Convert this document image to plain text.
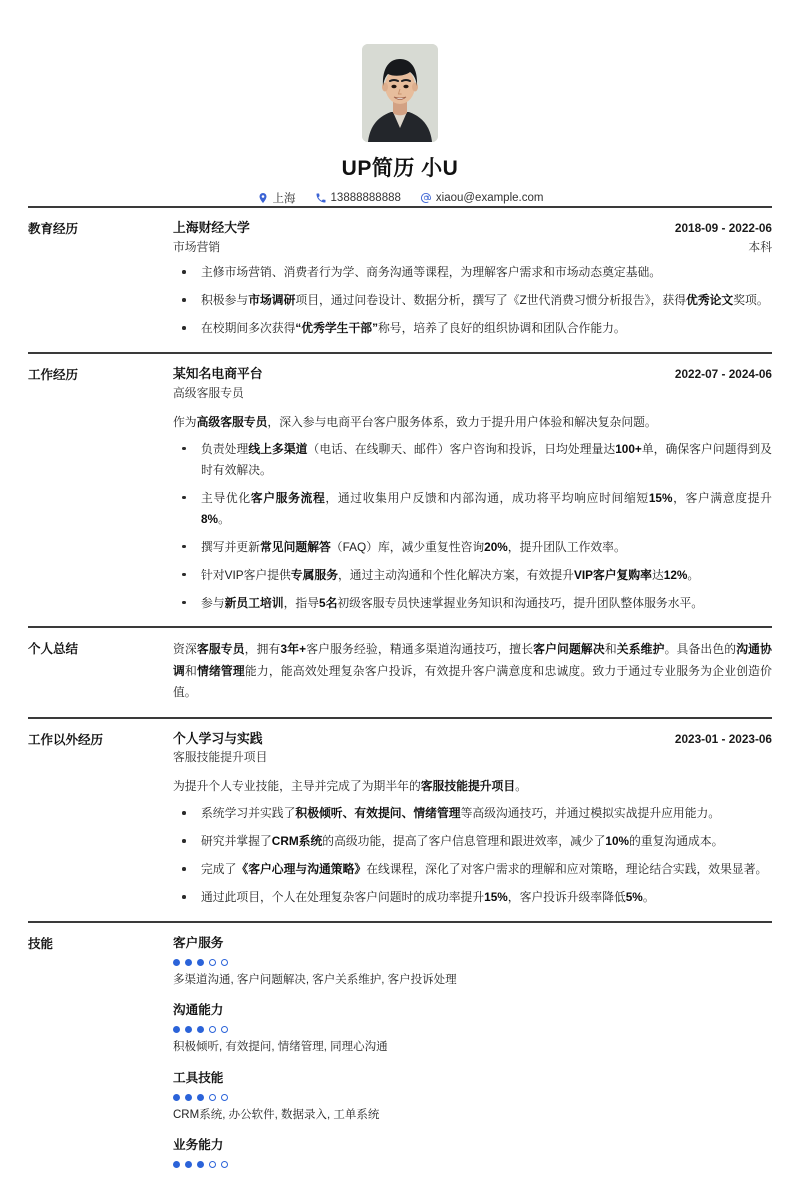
UP简历 小U
上海	13888888888	xiaou@example.com
教育经历	上海财经大学	2018-09 - 2022-06
市场营销	本科
主修市场营销、消费者行为学、商务沟通等课程，为理解客户需求和市场动态奠定基础。
积极参与市场调研项目，通过问卷设计、数据分析，撰写了《Z世代消费习惯分析报告》，获得优秀论文奖项。
在校期间多次获得“优秀学生干部”称号，培养了良好的组织协调和团队合作能力。
工作经历	某知名电商平台	2022-07 - 2024-06
高级客服专员
作为高级客服专员，深入参与电商平台客户服务体系，致力于提升用户体验和解决复杂问题。
负责处理线上多渠道（电话、在线聊天、邮件）客户咨询和投诉，日均处理量达100+单，确保客户问题得到及时有效解决。
主导优化客户服务流程，通过收集用户反馈和内部沟通，成功将平均响应时间缩短15%，客户满意度提升8%。
撰写并更新常见问题解答（FAQ）库，减少重复性咨询20%，提升团队工作效率。
针对VIP客户提供专属服务，通过主动沟通和个性化解决方案，有效提升VIP客户复购率达12%。
参与新员工培训，指导5名初级客服专员快速掌握业务知识和沟通技巧，提升团队整体服务水平。
个人总结	资深客服专员，拥有3年+客户服务经验，精通多渠道沟通技巧，擅长客户问题解决和关系维护。具备出色的沟通协调和情绪管理能力，能高效处理复杂客户投诉，有效提升客户满意度和忠诚度。致力于通过专业服务为企业创造价值。
工作以外经历	个人学习与实践	2023-01 - 2023-06
客服技能提升项目
为提升个人专业技能，主导并完成了为期半年的客服技能提升项目。
系统学习并实践了积极倾听、有效提问、情绪管理等高级沟通技巧，并通过模拟实战提升应用能力。
研究并掌握了CRM系统的高级功能，提高了客户信息管理和跟进效率，减少了10%的重复沟通成本。
完成了《客户心理与沟通策略》在线课程，深化了对客户需求的理解和应对策略，理论结合实践，效果显著。
通过此项目，个人在处理复杂客户问题时的成功率提升15%，客户投诉升级率降低5%。
技能	客户服务
多渠道沟通, 客户问题解决, 客户关系维护, 客户投诉处理
沟通能力
积极倾听, 有效提问, 情绪管理, 同理心沟通
工具技能
CRM系统, 办公软件, 数据录入, 工单系统
业务能力
